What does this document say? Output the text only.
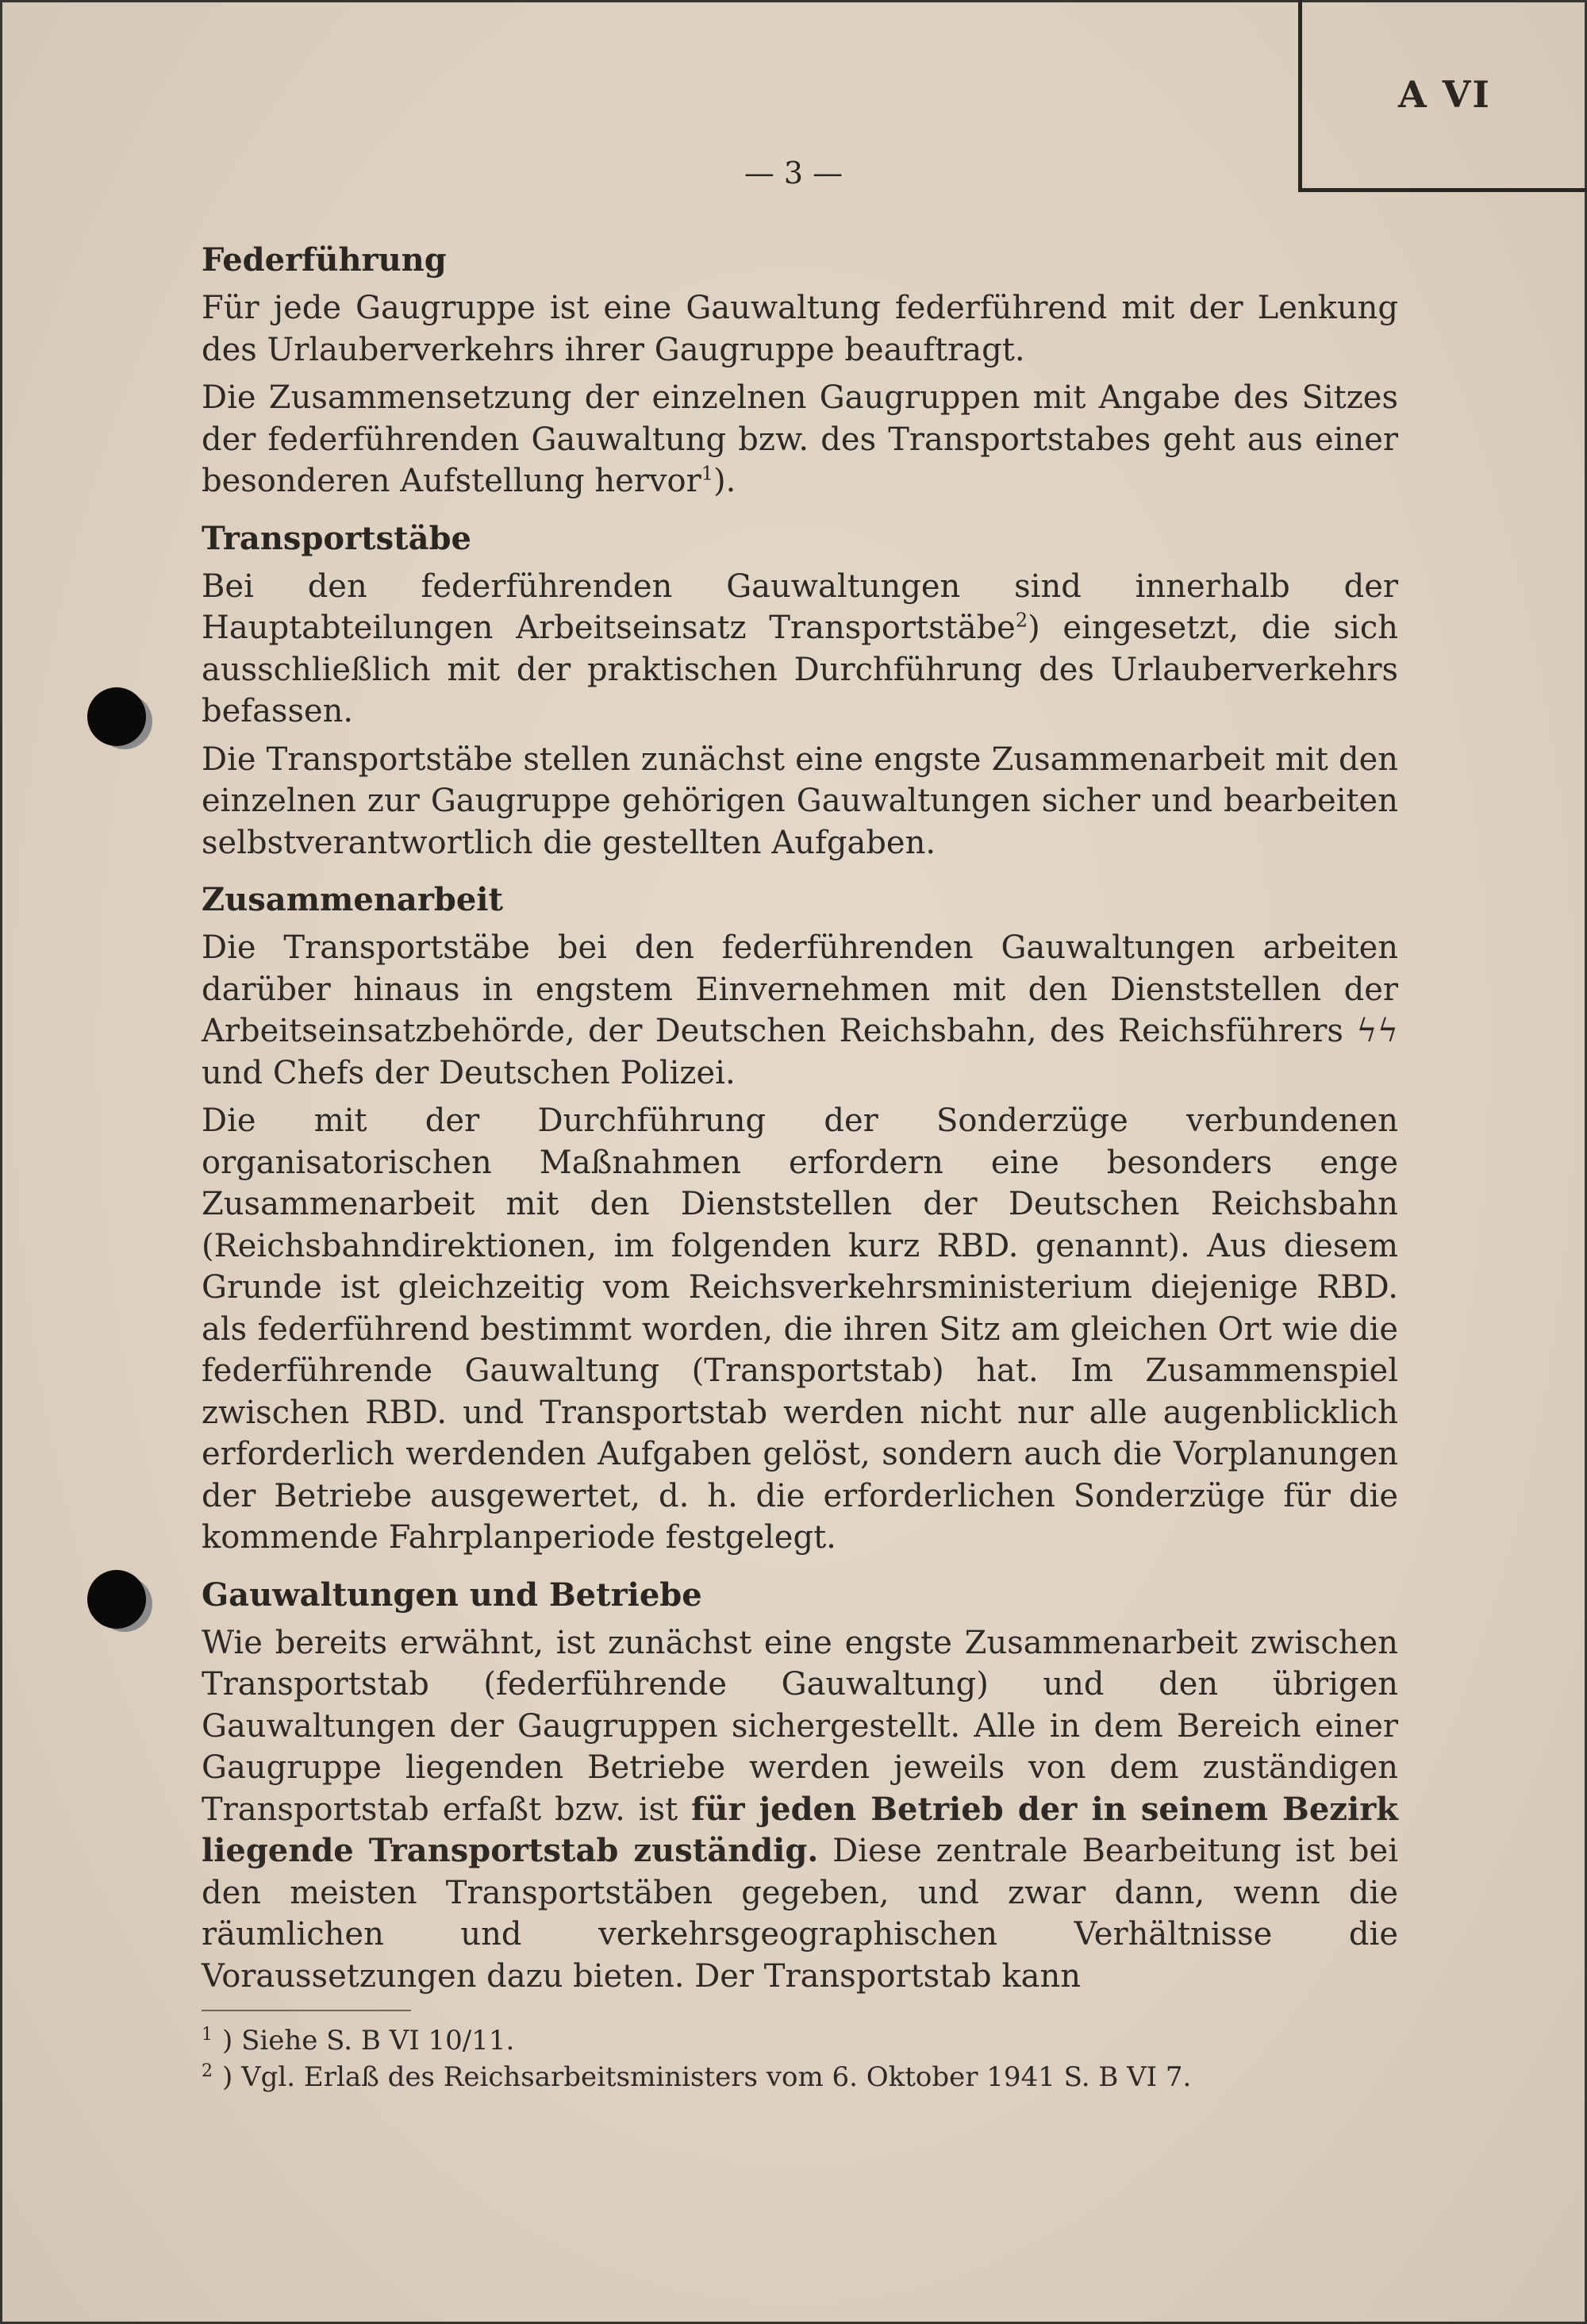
A VI
— 3 —
Federführung

Für jede Gaugruppe ist eine Gauwaltung federführend mit der Lenkung des Urlauberverkehrs ihrer Gaugruppe beauftragt.

Die Zusammensetzung der einzelnen Gaugruppen mit Angabe des Sitzes der federführenden Gauwaltung bzw. des Transportstabes geht aus einer besonderen Aufstellung hervor$^1$).

Transportstäbe

Bei den federführenden Gauwaltungen sind innerhalb der Hauptabteilungen Arbeitseinsatz Transportstäbe$^2$) eingesetzt, die sich ausschließlich mit der praktischen Durchführung des Urlauberverkehrs befassen.

Die Transportstäbe stellen zunächst eine engste Zusammenarbeit mit den einzelnen zur Gaugruppe gehörigen Gauwaltungen sicher und bearbeiten selbstverantwortlich die gestellten Aufgaben.

Zusammenarbeit

Die Transportstäbe bei den federführenden Gauwaltungen arbeiten darüber hinaus in engstem Einvernehmen mit den Dienststellen der Arbeitseinsatzbehörde, der Deutschen Reichsbahn, des Reichsführers ϟϟ und Chefs der Deutschen Polizei.

Die mit der Durchführung der Sonderzüge verbundenen organisatorischen Maßnahmen erfordern eine besonders enge Zusammenarbeit mit den Dienststellen der Deutschen Reichsbahn (Reichsbahndirektionen, im folgenden kurz RBD. genannt). Aus diesem Grunde ist gleichzeitig vom Reichsverkehrsministerium diejenige RBD. als federführend bestimmt worden, die ihren Sitz am gleichen Ort wie die federführende Gauwaltung (Transportstab) hat. Im Zusammenspiel zwischen RBD. und Transportstab werden nicht nur alle augenblicklich erforderlich werdenden Aufgaben gelöst, sondern auch die Vorplanungen der Betriebe ausgewertet, d. h. die erforderlichen Sonderzüge für die kommende Fahrplanperiode festgelegt.

Gauwaltungen und Betriebe

Wie bereits erwähnt, ist zunächst eine engste Zusammenarbeit zwischen Transportstab (federführende Gauwaltung) und den übrigen Gauwaltungen der Gaugruppen sichergestellt. Alle in dem Bereich einer Gaugruppe liegenden Betriebe werden jeweils von dem zuständigen Transportstab erfaßt bzw. ist für jeden Betrieb der in seinem Bezirk liegende Transportstab zuständig. Diese zentrale Bearbeitung ist bei den meisten Transportstäben gegeben, und zwar dann, wenn die räumlichen und verkehrsgeographischen Verhältnisse die Voraussetzungen dazu bieten. Der Transportstab kann

$^1$ ) Siehe S. B VI 10/11.

$^2$ ) Vgl. Erlaß des Reichsarbeitsministers vom 6. Oktober 1941 S. B VI 7.
